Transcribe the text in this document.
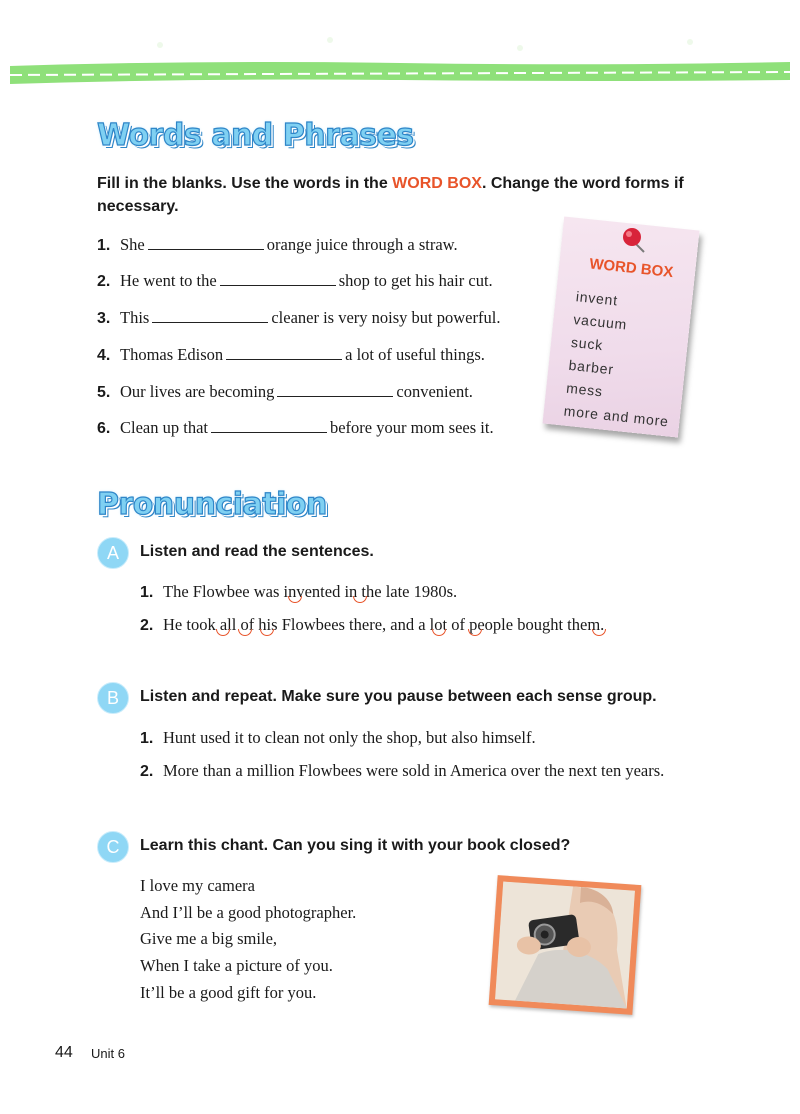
Words and Phrases
Fill in the blanks. Use the words in the WORD BOX. Change the word forms if necessary.
1. She	orange juice through a straw.
2. He went to the	shop to get his hair cut.
3. This	cleaner is very noisy but powerful.
4. Thomas Edison	a lot of useful things.
5. Our lives are becoming	convenient.
6. Clean up that	before your mom sees it.
WORD BOX
invent
vacuum
suck
barber
mess
more and more
Pronunciation
A	Listen and read the sentences.
1. The Flowbee was invented in the late 1980s.
2. He took all of his Flowbees there, and a lot of people bought them.
B	Listen and repeat. Make sure you pause between each sense group.
1. Hunt used it to clean not only the shop, but also himself.
2. More than a million Flowbees were sold in America over the next ten years.
C	Learn this chant. Can you sing it with your book closed?
I love my camera
And I’ll be a good photographer.
Give me a big smile,
When I take a picture of you.
It’ll be a good gift for you.
44 Unit 6
